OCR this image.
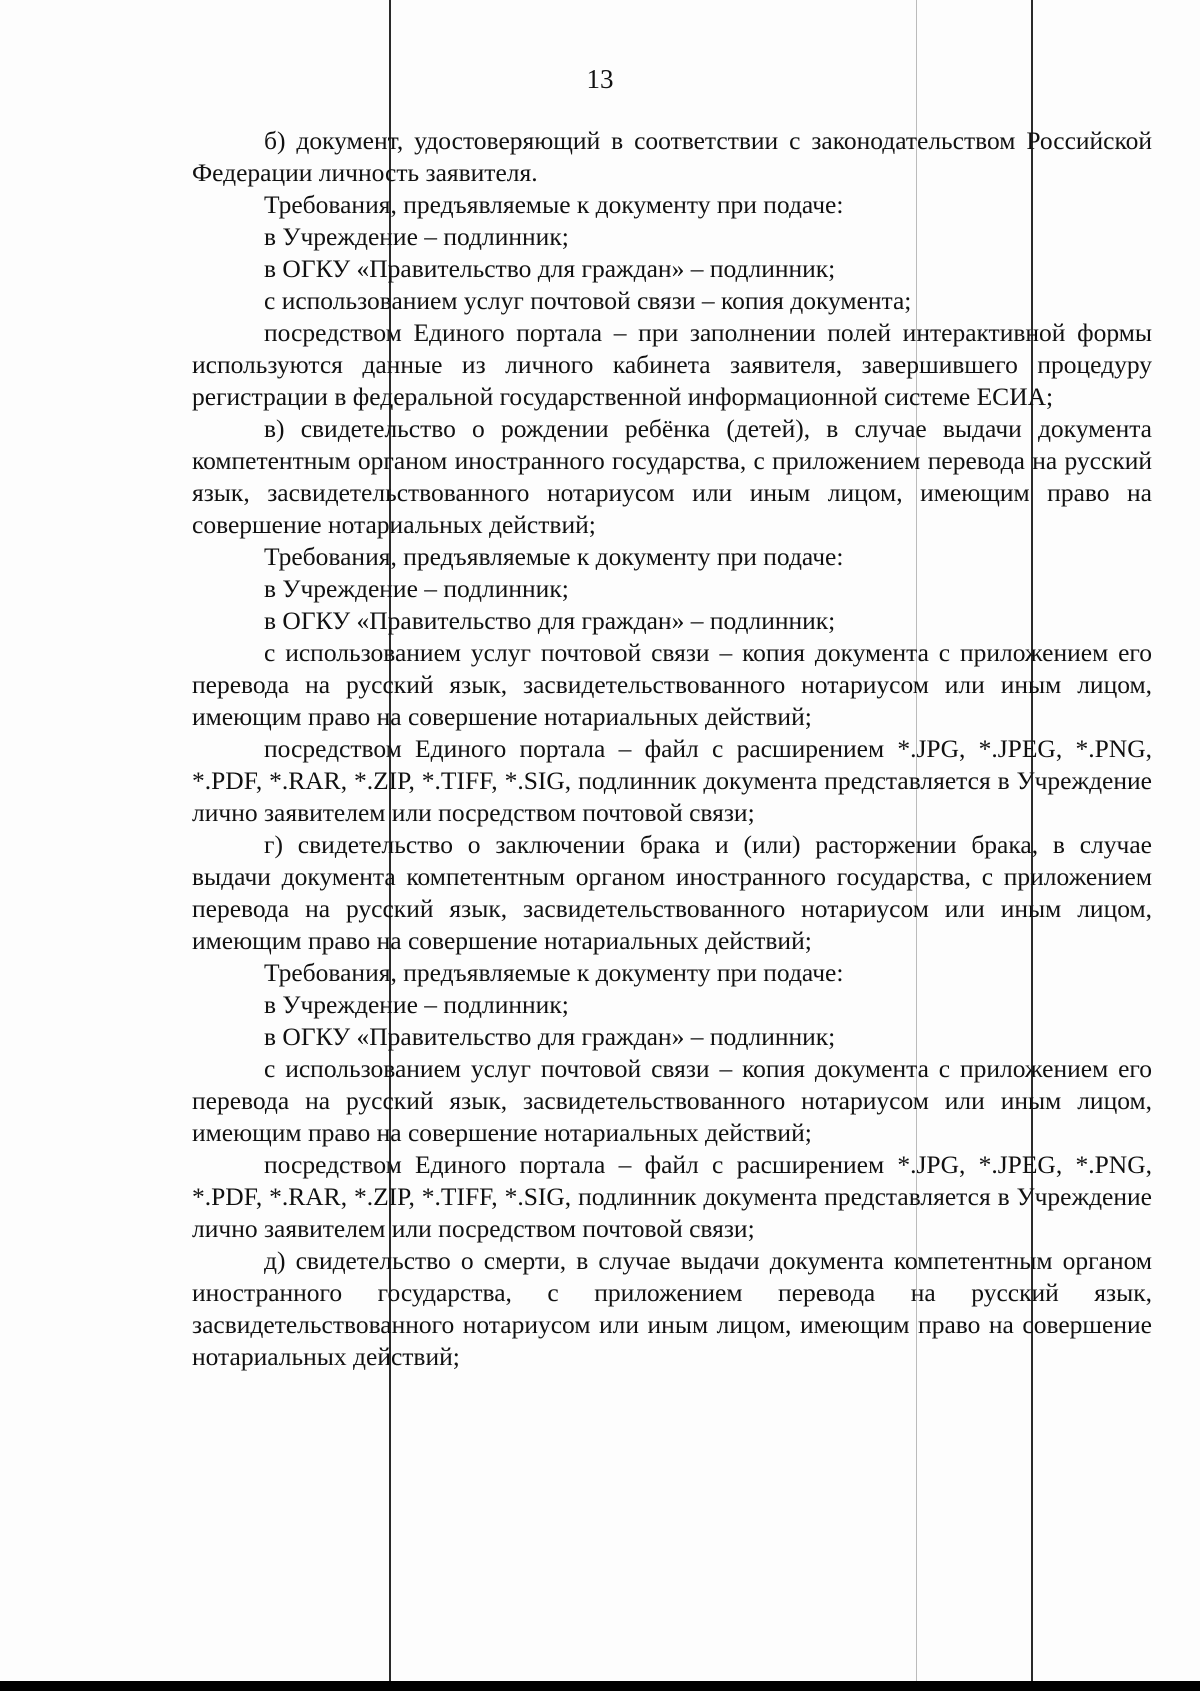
13

б) документ, удостоверяющий в соответствии с законодательством Российской Федерации личность заявителя.

Требования, предъявляемые к документу при подаче:

в Учреждение – подлинник;

в ОГКУ «Правительство для граждан» – подлинник;

с использованием услуг почтовой связи – копия документа;

посредством Единого портала – при заполнении полей интерактивной формы используются данные из личного кабинета заявителя, завершившего процедуру регистрации в федеральной государственной информационной системе ЕСИА;

в) свидетельство о рождении ребёнка (детей), в случае выдачи документа компетентным органом иностранного государства, с приложением перевода на русский язык, засвидетельствованного нотариусом или иным лицом, имеющим право на совершение нотариальных действий;

Требования, предъявляемые к документу при подаче:

в Учреждение – подлинник;

в ОГКУ «Правительство для граждан» – подлинник;

с использованием услуг почтовой связи – копия документа с приложением его перевода на русский язык, засвидетельствованного нотариусом или иным лицом, имеющим право на совершение нотариальных действий;

посредством Единого портала – файл с расширением *.JPG, *.JPEG, *.PNG, *.PDF, *.RAR, *.ZIP, *.TIFF, *.SIG, подлинник документа представляется в Учреждение лично заявителем или посредством почтовой связи;

г) свидетельство о заключении брака и (или) расторжении брака, в случае выдачи документа компетентным органом иностранного государства, с приложением перевода на русский язык, засвидетельствованного нотариусом или иным лицом, имеющим право на совершение нотариальных действий;

Требования, предъявляемые к документу при подаче:

в Учреждение – подлинник;

в ОГКУ «Правительство для граждан» – подлинник;

с использованием услуг почтовой связи – копия документа с приложением его перевода на русский язык, засвидетельствованного нотариусом или иным лицом, имеющим право на совершение нотариальных действий;

посредством Единого портала – файл с расширением *.JPG, *.JPEG, *.PNG, *.PDF, *.RAR, *.ZIP, *.TIFF, *.SIG, подлинник документа представляется в Учреждение лично заявителем или посредством почтовой связи;

д) свидетельство о смерти, в случае выдачи документа компетентным органом иностранного государства, с приложением перевода на русский язык, засвидетельствованного нотариусом или иным лицом, имеющим право на совершение нотариальных действий;
